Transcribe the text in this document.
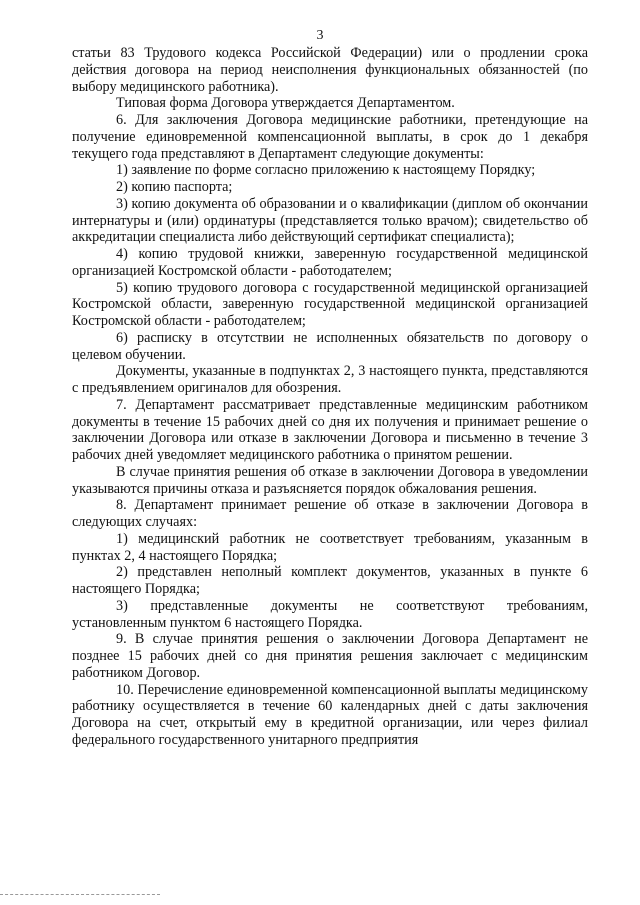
3

статьи 83 Трудового кодекса Российской Федерации) или о продлении срока действия договора на период неисполнения функциональных обязанностей (по выбору медицинского работника).

Типовая форма Договора утверждается Департаментом.

6. Для заключения Договора медицинские работники, претендующие на получение единовременной компенсационной выплаты, в срок до 1 декабря текущего года представляют в Департамент следующие документы:

1) заявление по форме согласно приложению к настоящему Порядку;

2) копию паспорта;

3) копию документа об образовании и о квалификации (диплом об окончании интернатуры и (или) ординатуры (представляется только врачом); свидетельство об аккредитации специалиста либо действующий сертификат специалиста);

4) копию трудовой книжки, заверенную государственной медицинской организацией Костромской области - работодателем;

5) копию трудового договора с государственной медицинской организацией Костромской области, заверенную государственной медицинской организацией Костромской области - работодателем;

6) расписку в отсутствии не исполненных обязательств по договору о целевом обучении.

Документы, указанные в подпунктах 2, 3 настоящего пункта, представляются с предъявлением оригиналов для обозрения.

7. Департамент рассматривает представленные медицинским работником документы в течение 15 рабочих дней со дня их получения и принимает решение о заключении Договора или отказе в заключении Договора и письменно в течение 3 рабочих дней уведомляет медицинского работника о принятом решении.

В случае принятия решения об отказе в заключении Договора в уведомлении указываются причины отказа и разъясняется порядок обжалования решения.

8. Департамент принимает решение об отказе в заключении Договора в следующих случаях:

1) медицинский работник не соответствует требованиям, указанным в пунктах 2, 4 настоящего Порядка;

2) представлен неполный комплект документов, указанных в пункте 6 настоящего Порядка;

3) представленные документы не соответствуют требованиям, установленным пунктом 6 настоящего Порядка.

9. В случае принятия решения о заключении Договора Департамент не позднее 15 рабочих дней со дня принятия решения заключает с медицинским работником Договор.

10. Перечисление единовременной компенсационной выплаты медицинскому работнику осуществляется в течение 60 календарных дней с даты заключения Договора на счет, открытый ему в кредитной организации, или через филиал федерального государственного унитарного предприятия
